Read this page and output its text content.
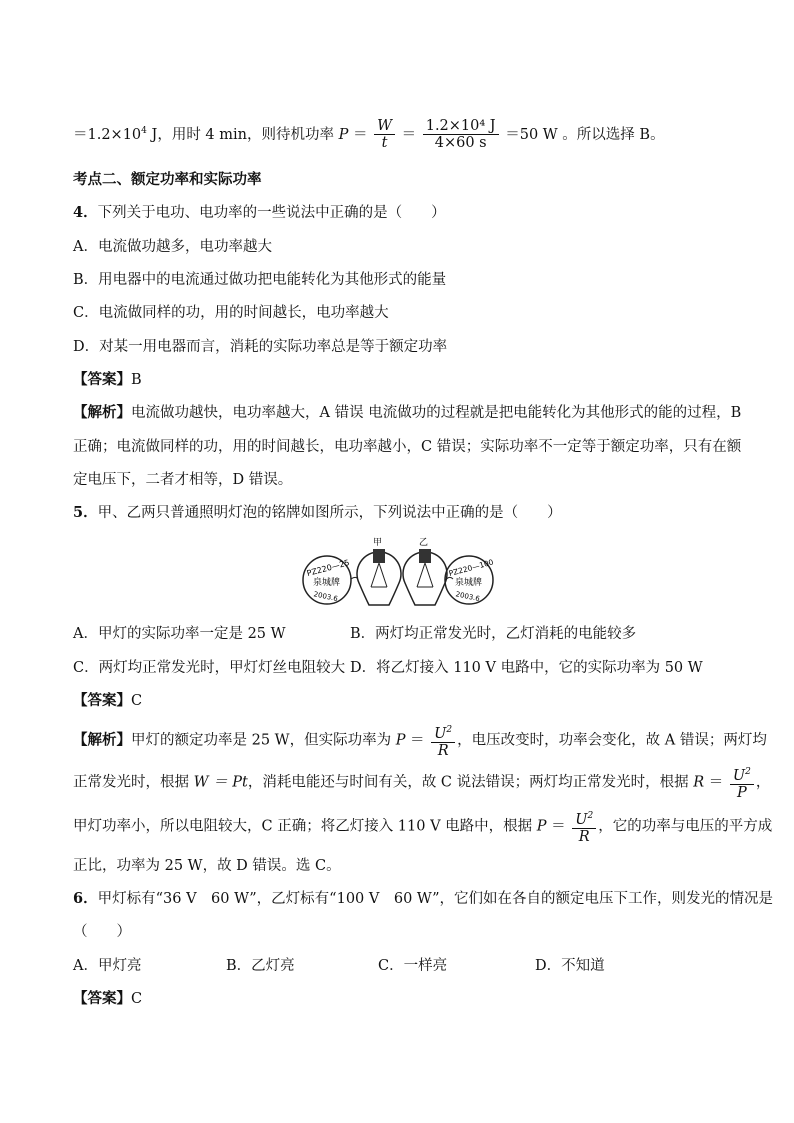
$=1.2\times 10^4$ J，用时 4 min，则待机功率 $P = \frac{W}{t} = \frac{\text{1.2×10⁴ J}}{4\times 60 s} =50$ W 。所以选择 B。
考点二、额定功率和实际功率
4．下列关于电功、电功率的一些说法中正确的是（　　）
A．电流做功越多，电功率越大
B．用电器中的电流通过做功把电能转化为其他形式的能量
C．电流做同样的功，用的时间越长，电功率越大
D．对某一用电器而言，消耗的实际功率总是等于额定功率
【答案】B
【解析】电流做功越快，电功率越大，A 错误 电流做功的过程就是把电能转化为其他形式的能的过程，B
正确；电流做同样的功，用的时间越长，电功率越小，C 错误；实际功率不一定等于额定功率，只有在额
定电压下，二者才相等，D 错误。
5．甲、乙两只普通照明灯泡的铭牌如图所示，下列说法中正确的是（　　）
PZ220—25
泉城牌
2003.6
甲	乙
PZ220—100
泉城牌
2003.6
A．甲灯的实际功率一定是 25 W	B．两灯均正常发光时，乙灯消耗的电能较多
C．两灯均正常发光时，甲灯灯丝电阻较大 D．将乙灯接入 110 V 电路中，它的实际功率为 50 W
【答案】C
【解析】甲灯的额定功率是 25 W，但实际功率为 $P = \frac{U^2}{R}$ ，电压改变时，功率会变化，故 A 错误；两灯均
正常发光时，根据 W ＝ Pt，消耗电能还与时间有关，故 C 说法错误；两灯均正常发光时，根据 $R = \frac{U^2}{P}$ ，
甲灯功率小，所以电阻较大，C 正确；将乙灯接入 110 V 电路中，根据 $P = \frac{U^2}{R}$ ，它的功率与电压的平方成
正比，功率为 25 W，故 D 错误。选 C。
6．甲灯标有“36 V　60 W”，乙灯标有“100 V　60 W”，它们如在各自的额定电压下工作，则发光的情况是
（　　）
A．甲灯亮	B．乙灯亮	C．一样亮	D．不知道
【答案】C
